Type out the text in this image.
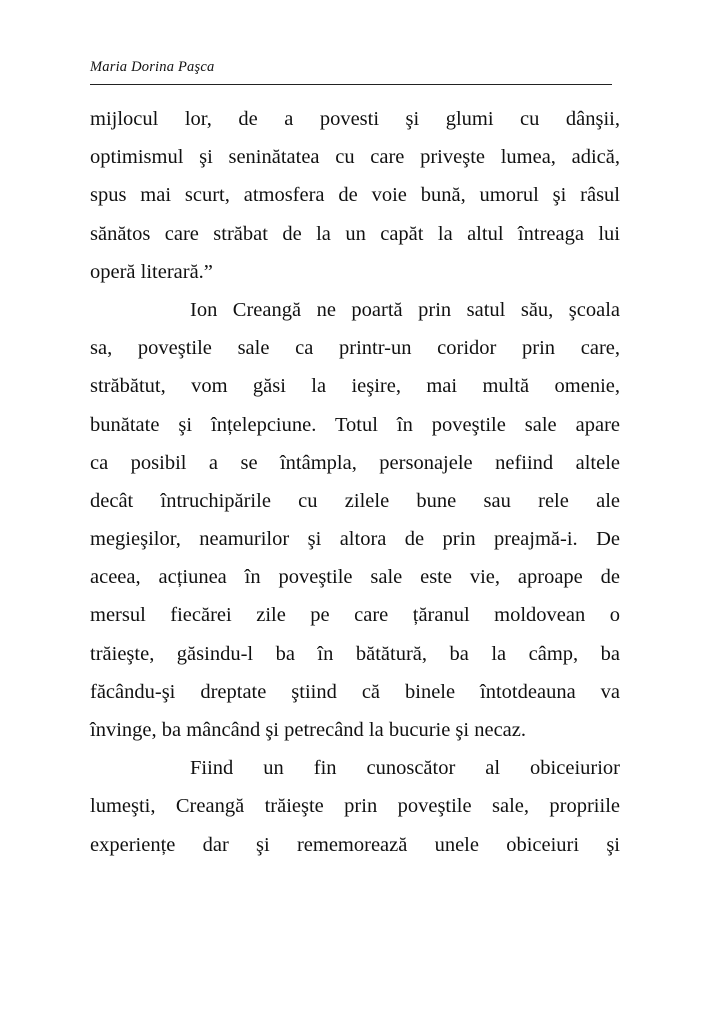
Maria Dorina Paşca
mijlocul lor, de a povesti şi glumi cu dânşii,
optimismul şi seninătatea cu care priveşte lumea, adică,
spus mai scurt, atmosfera de voie bună, umorul şi râsul
sănătos care străbat de la un capăt la altul întreaga lui
operă literară.”
Ion Creangă ne poartă prin satul său, şcoala
sa, poveştile sale ca printr-un coridor prin care,
străbătut, vom găsi la ieşire, mai multă omenie,
bunătate şi înțelepciune. Totul în poveştile sale apare
ca posibil a se întâmpla, personajele nefiind altele
decât întruchipările cu zilele bune sau rele ale
megieşilor, neamurilor şi altora de prin preajmă-i. De
aceea, acțiunea în poveştile sale este vie, aproape de
mersul fiecărei zile pe care țăranul moldovean o
trăieşte, găsindu-l ba în bătătură, ba la câmp, ba
făcându-şi dreptate ştiind că binele întotdeauna va
învinge, ba mâncând şi petrecând la bucurie şi necaz.
Fiind un fin cunoscător al obiceiurior
lumeşti, Creangă trăieşte prin poveştile sale, propriile
experiențe dar şi rememorează unele obiceiuri şi
